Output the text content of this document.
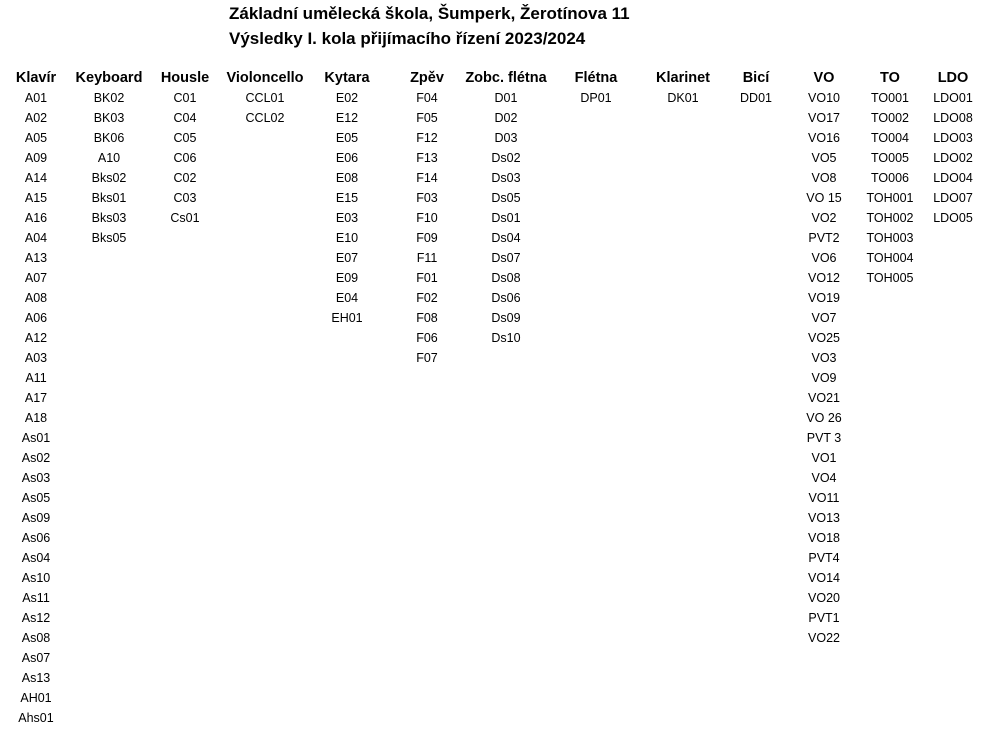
Základní umělecká škola, Šumperk, Žerotínova 11
Výsledky I. kola přijímacího řízení 2023/2024
Klavír
A01
A02
A05
A09
A14
A15
A16
A04
A13
A07
A08
A06
A12
A03
A11
A17
A18
As01
As02
As03
As05
As09
As06
As04
As10
As11
As12
As08
As07
As13
AH01
Ahs01
Keyboard
BK02
BK03
BK06
A10
Bks02
Bks01
Bks03
Bks05
Housle
C01
C04
C05
C06
C02
C03
Cs01
Violoncello
CCL01
CCL02
Kytara
E02
E12
E05
E06
E08
E15
E03
E10
E07
E09
E04
EH01
Zpěv
F04
F05
F12
F13
F14
F03
F10
F09
F11
F01
F02
F08
F06
F07
Zobc. flétna
D01
D02
D03
Ds02
Ds03
Ds05
Ds01
Ds04
Ds07
Ds08
Ds06
Ds09
Ds10
Flétna
DP01
Klarinet
DK01
Bicí
DD01
VO
VO10
VO17
VO16
VO5
VO8
VO 15
VO2
PVT2
VO6
VO12
VO19
VO7
VO25
VO3
VO9
VO21
VO 26
PVT 3
VO1
VO4
VO11
VO13
VO18
PVT4
VO14
VO20
PVT1
VO22
TO
TO001
TO002
TO004
TO005
TO006
TOH001
TOH002
TOH003
TOH004
TOH005
LDO
LDO01
LDO08
LDO03
LDO02
LDO04
LDO07
LDO05
